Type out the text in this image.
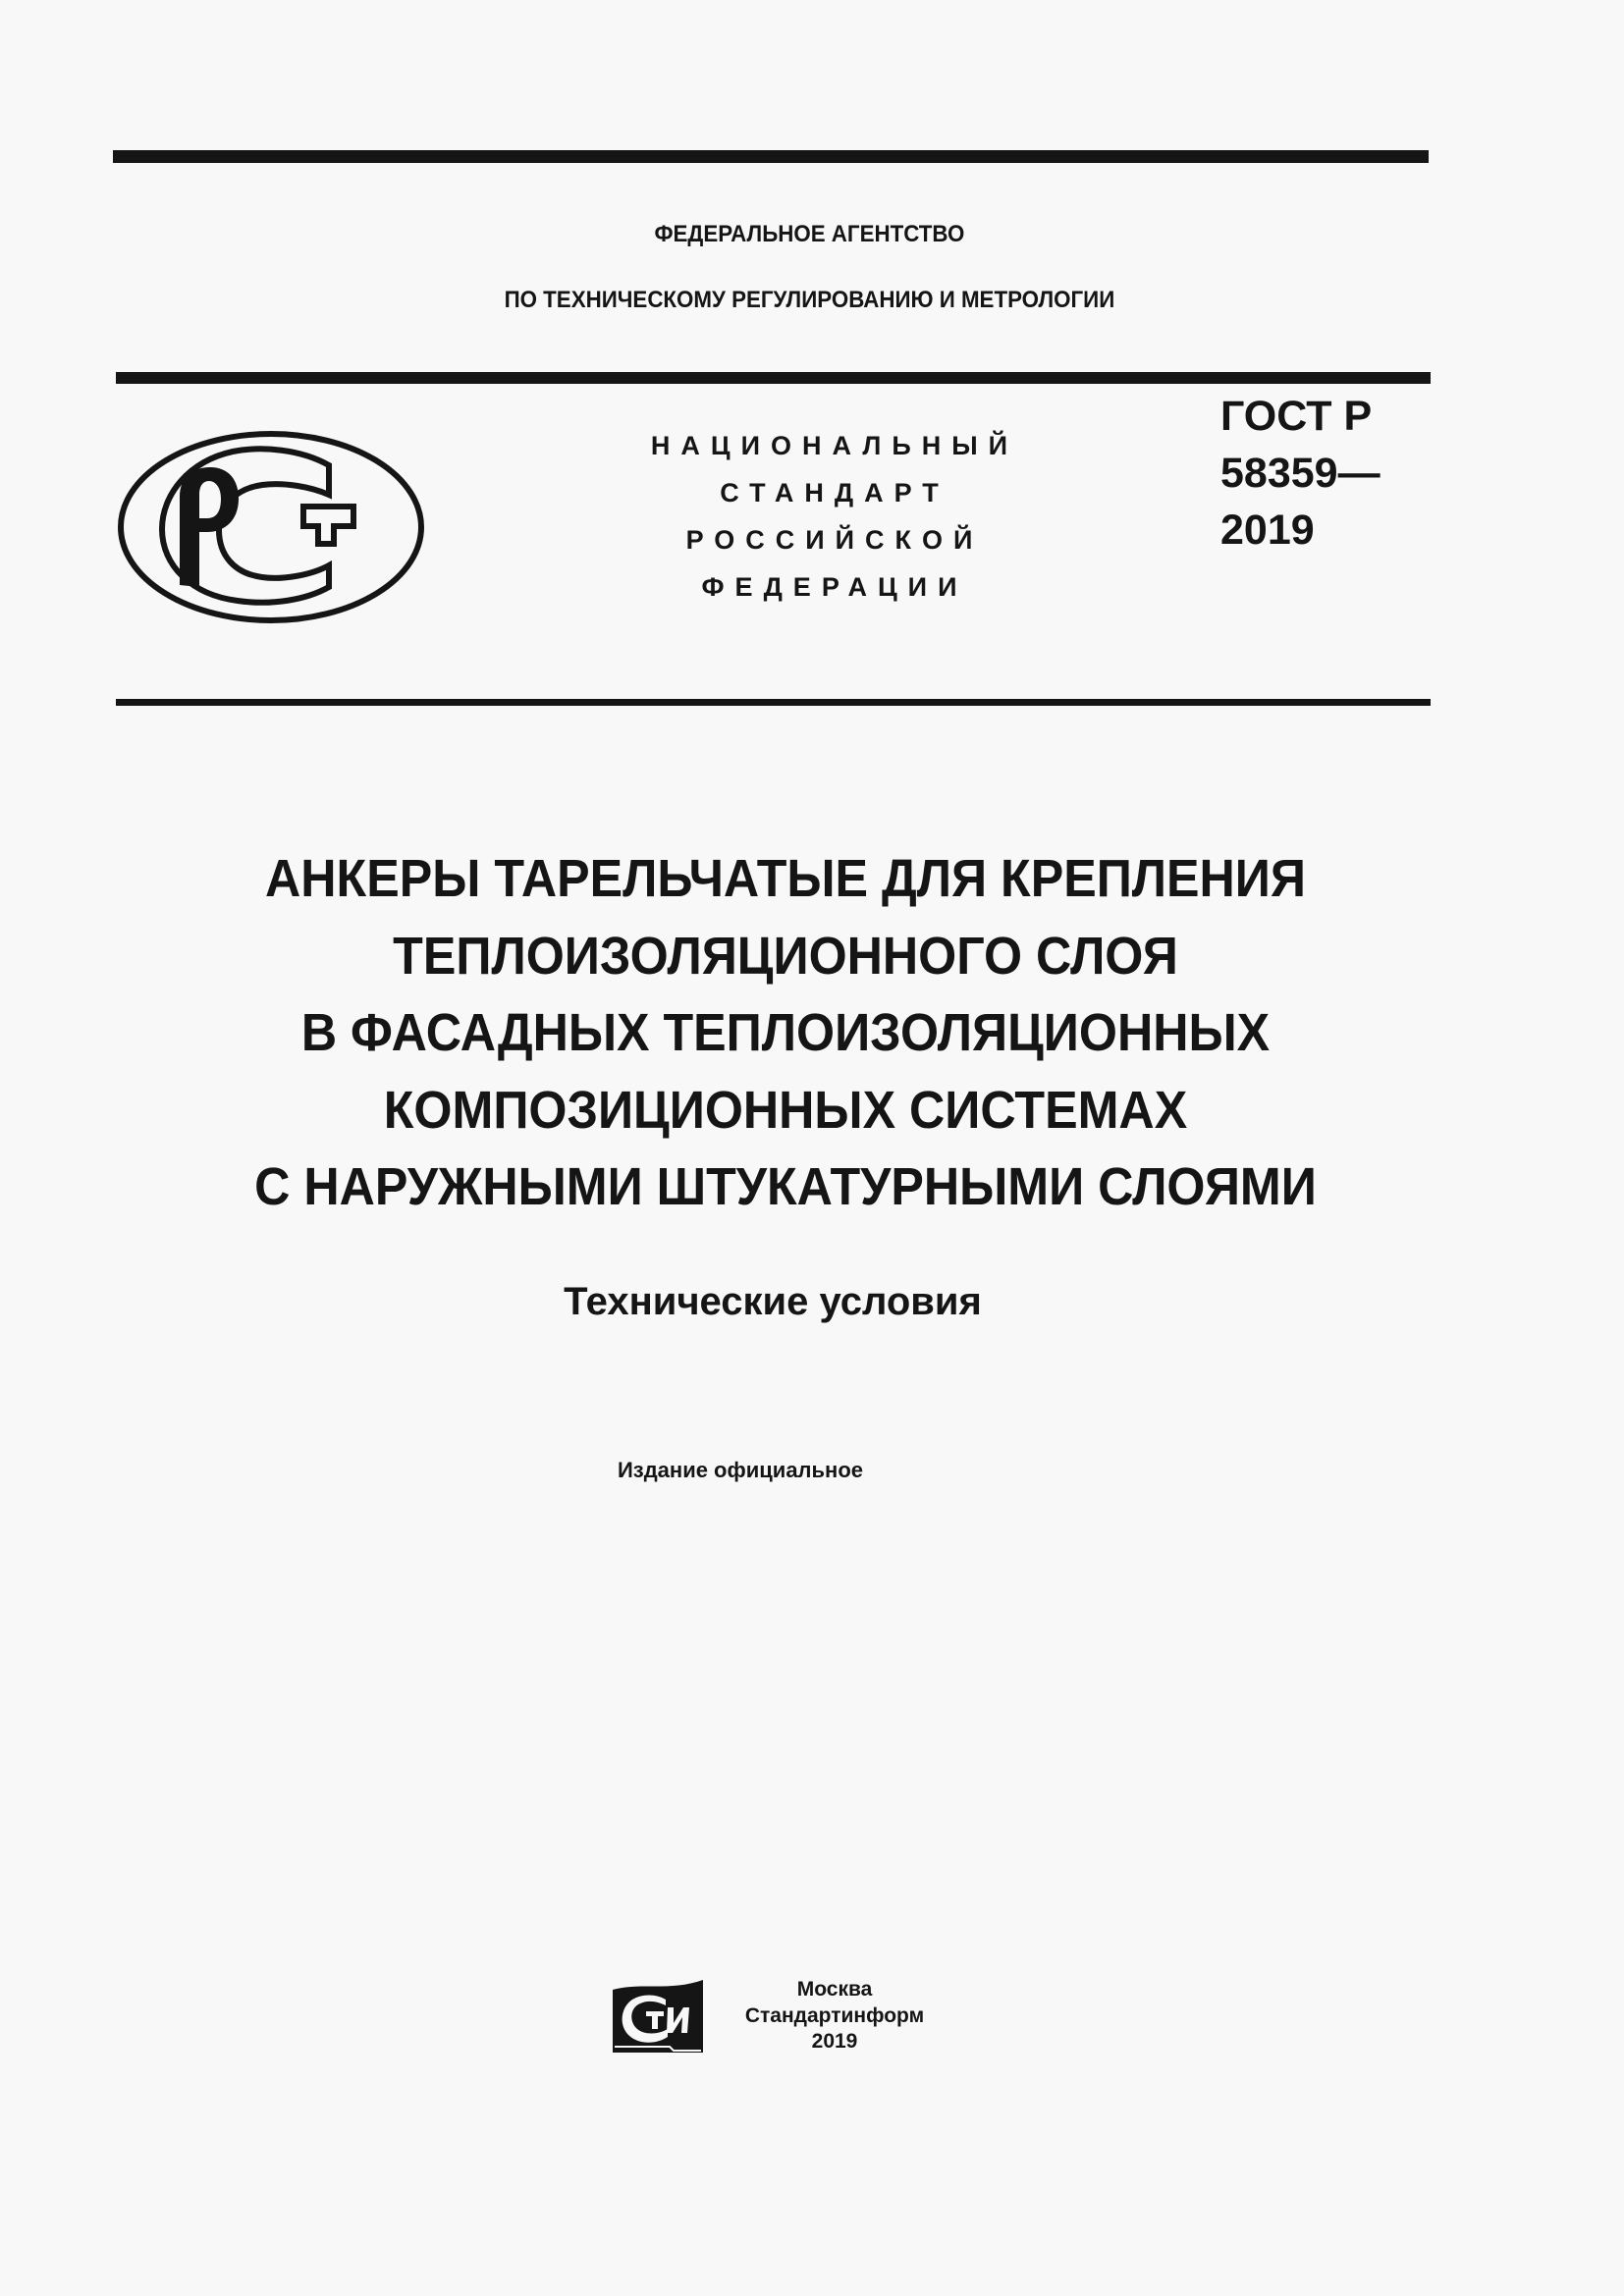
ФЕДЕРАЛЬНОЕ АГЕНТСТВО
ПО ТЕХНИЧЕСКОМУ РЕГУЛИРОВАНИЮ И МЕТРОЛОГИИ
НАЦИОНАЛЬНЫЙ
СТАНДАРТ
РОССИЙСКОЙ
ФЕДЕРАЦИИ
ГОСТ Р
58359—
2019
АНКЕРЫ ТАРЕЛЬЧАТЫЕ ДЛЯ КРЕПЛЕНИЯ
ТЕПЛОИЗОЛЯЦИОННОГО СЛОЯ
В ФАСАДНЫХ ТЕПЛОИЗОЛЯЦИОННЫХ
КОМПОЗИЦИОННЫХ СИСТЕМАХ
С НАРУЖНЫМИ ШТУКАТУРНЫМИ СЛОЯМИ
Технические условия
Издание официальное
Москва
Стандартинформ
2019
